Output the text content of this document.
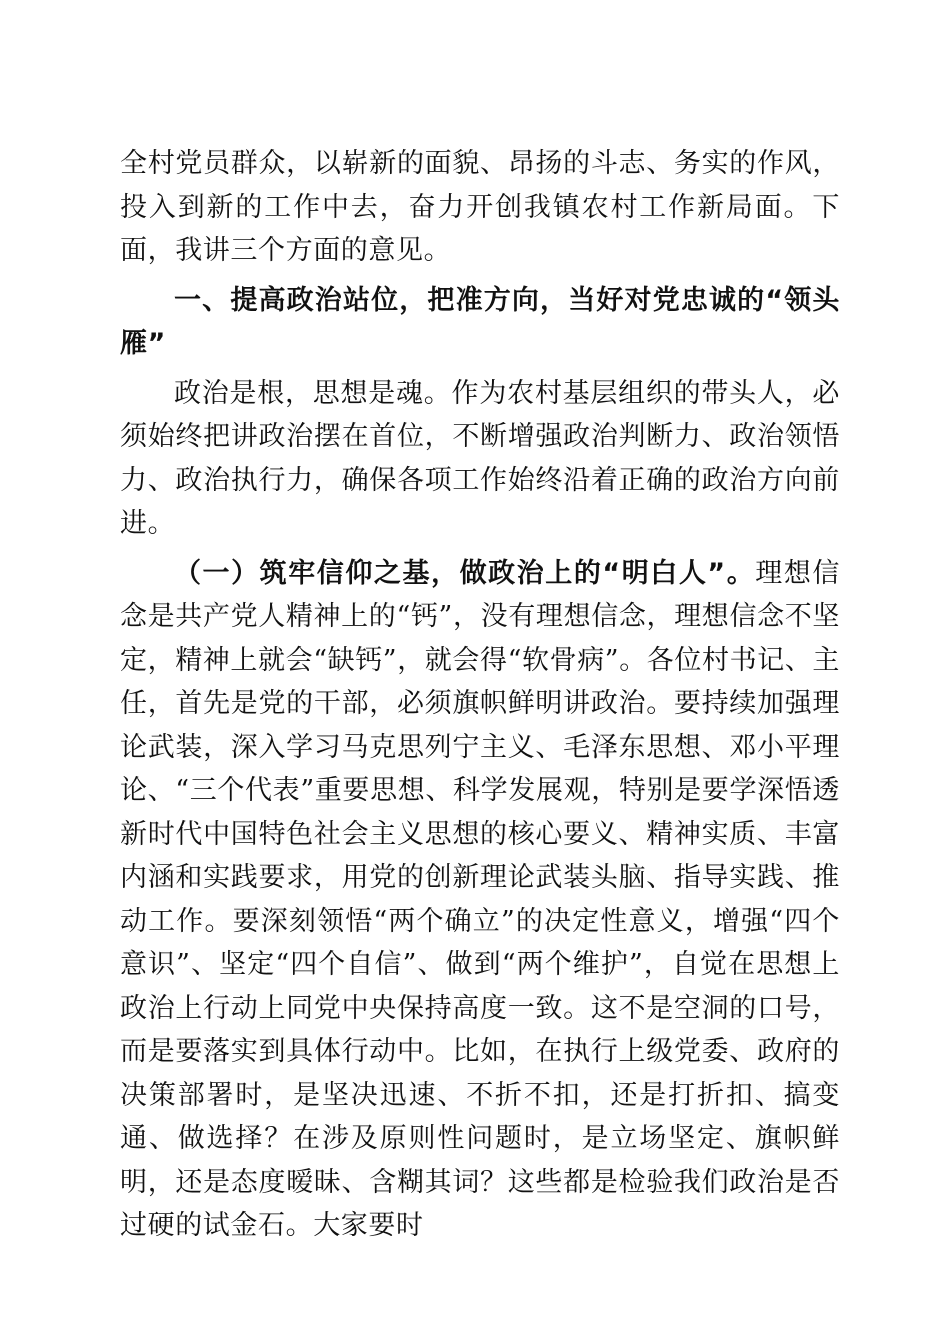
全村党员群众，以崭新的面貌、昂扬的斗志、务实的作风，投入到新的工作中去，奋力开创我镇农村工作新局面。下面，我讲三个方面的意见。

一、提高政治站位，把准方向，当好对党忠诚的“领头雁”

政治是根，思想是魂。作为农村基层组织的带头人，必须始终把讲政治摆在首位，不断增强政治判断力、政治领悟力、政治执行力，确保各项工作始终沿着正确的政治方向前进。

（一）筑牢信仰之基，做政治上的“明白人”。理想信念是共产党人精神上的“钙”，没有理想信念，理想信念不坚定，精神上就会“缺钙”，就会得“软骨病”。各位村书记、主任，首先是党的干部，必须旗帜鲜明讲政治。要持续加强理论武装，深入学习马克思列宁主义、毛泽东思想、邓小平理论、“三个代表”重要思想、科学发展观，特别是要学深悟透新时代中国特色社会主义思想的核心要义、精神实质、丰富内涵和实践要求，用党的创新理论武装头脑、指导实践、推动工作。要深刻领悟“两个确立”的决定性意义，增强“四个意识”、坚定“四个自信”、做到“两个维护”，自觉在思想上政治上行动上同党中央保持高度一致。这不是空洞的口号，而是要落实到具体行动中。比如，在执行上级党委、政府的决策部署时，是坚决迅速、不折不扣，还是打折扣、搞变通、做选择？在涉及原则性问题时，是立场坚定、旗帜鲜明，还是态度暧昧、含糊其词？这些都是检验我们政治是否过硬的试金石。大家要时
